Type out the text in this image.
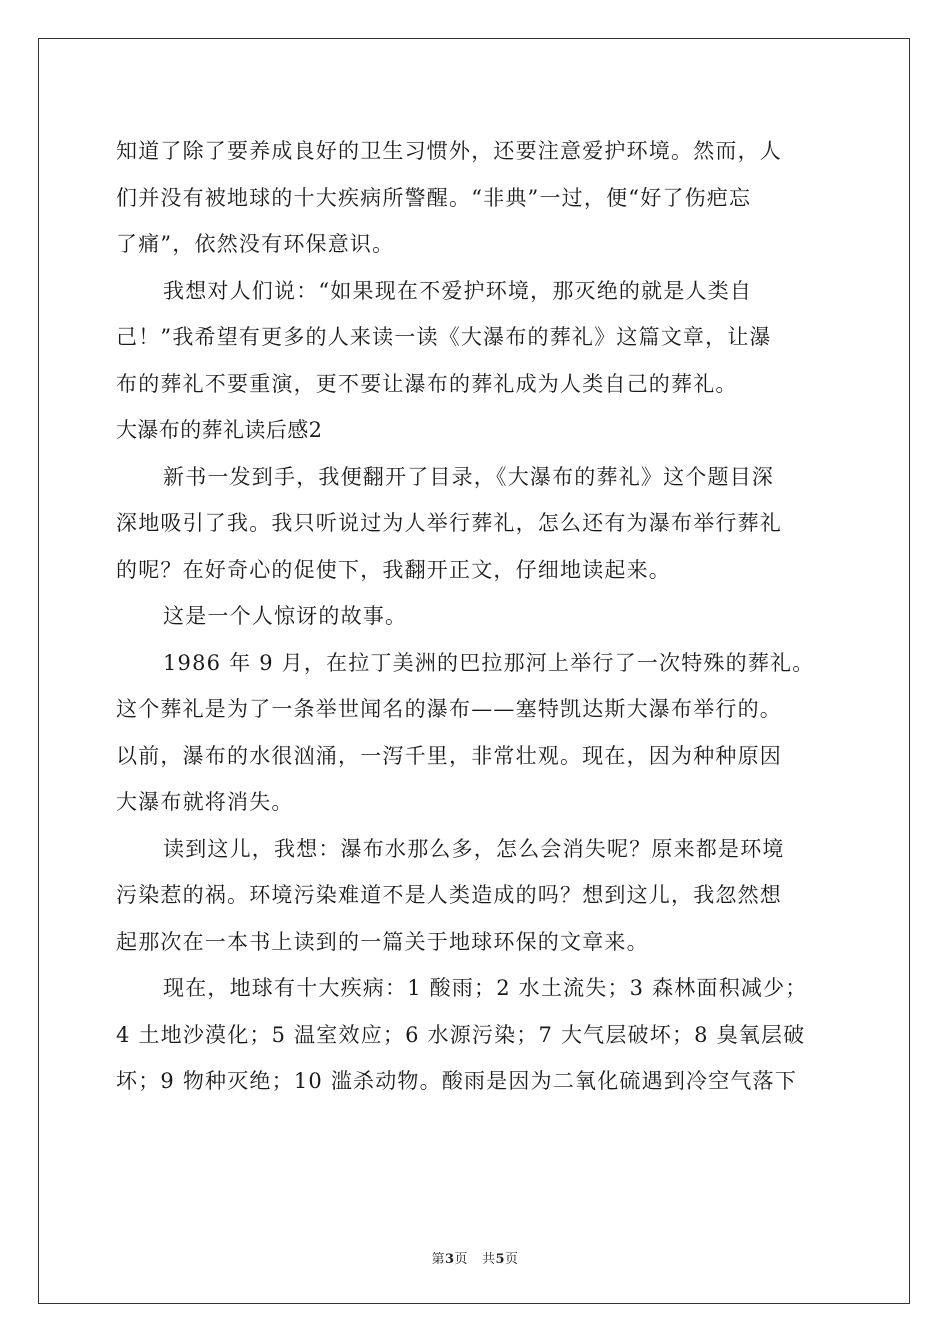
知道了除了要养成良好的卫生习惯外，还要注意爱护环境。然而，人
们并没有被地球的十大疾病所警醒。“非典”一过，便“好了伤疤忘
了痛”，依然没有环保意识。
我想对人们说：“如果现在不爱护环境，那灭绝的就是人类自
己！”我希望有更多的人来读一读《大瀑布的葬礼》这篇文章，让瀑
布的葬礼不要重演，更不要让瀑布的葬礼成为人类自己的葬礼。
大瀑布的葬礼读后感2
新书一发到手，我便翻开了目录，《大瀑布的葬礼》这个题目深
深地吸引了我。我只听说过为人举行葬礼，怎么还有为瀑布举行葬礼
的呢？在好奇心的促使下，我翻开正文，仔细地读起来。
这是一个人惊讶的故事。
1986 年 9 月，在拉丁美洲的巴拉那河上举行了一次特殊的葬礼。
这个葬礼是为了一条举世闻名的瀑布——塞特凯达斯大瀑布举行的。
以前，瀑布的水很汹涌，一泻千里，非常壮观。现在，因为种种原因
大瀑布就将消失。
读到这儿，我想：瀑布水那么多，怎么会消失呢？原来都是环境
污染惹的祸。环境污染难道不是人类造成的吗？想到这儿，我忽然想
起那次在一本书上读到的一篇关于地球环保的文章来。
现在，地球有十大疾病：1 酸雨；2 水土流失；3 森林面积减少；
4 土地沙漠化；5 温室效应；6 水源污染；7 大气层破坏；8 臭氧层破
坏；9 物种灭绝；10 滥杀动物。酸雨是因为二氧化硫遇到冷空气落下
第3页 共5页
